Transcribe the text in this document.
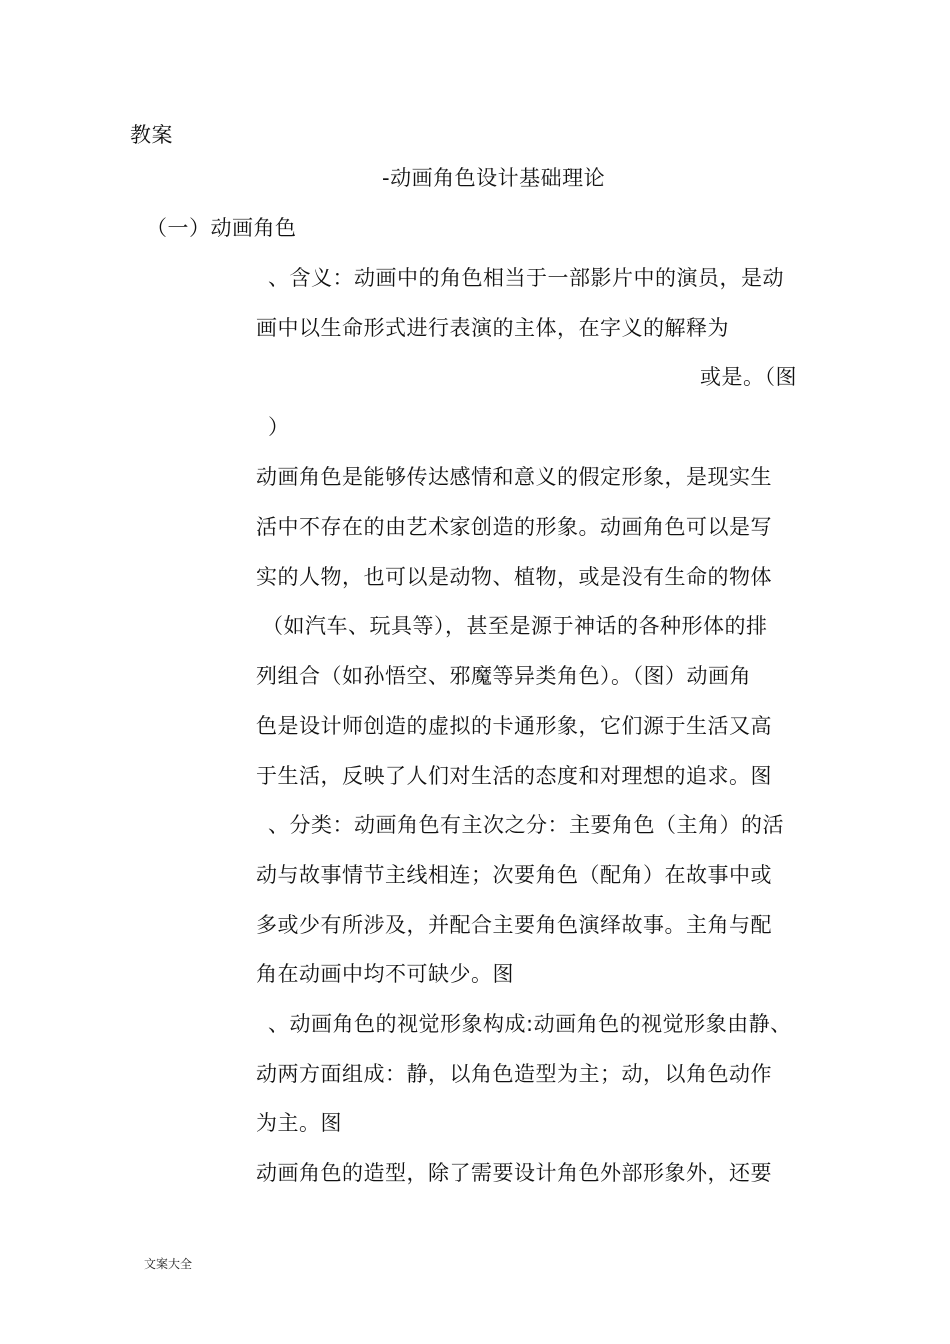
教案
-动画角色设计基础理论
（一）动画角色
、含义：动画中的角色相当于一部影片中的演员，是动
画中以生命形式进行表演的主体，在字义的解释为
或是。（图
）
动画角色是能够传达感情和意义的假定形象，是现实生
活中不存在的由艺术家创造的形象。动画角色可以是写
实的人物，也可以是动物、植物，或是没有生命的物体
（如汽车、玩具等），甚至是源于神话的各种形体的排
列组合（如孙悟空、邪魔等异类角色）。（图）动画角
色是设计师创造的虚拟的卡通形象，它们源于生活又高
于生活，反映了人们对生活的态度和对理想的追求。图
、分类：动画角色有主次之分：主要角色（主角）的活
动与故事情节主线相连；次要角色（配角）在故事中或
多或少有所涉及，并配合主要角色演绎故事。主角与配
角在动画中均不可缺少。图
、动画角色的视觉形象构成:动画角色的视觉形象由静、
动两方面组成：静，以角色造型为主；动，以角色动作
为主。图
动画角色的造型，除了需要设计角色外部形象外，还要
文案大全
